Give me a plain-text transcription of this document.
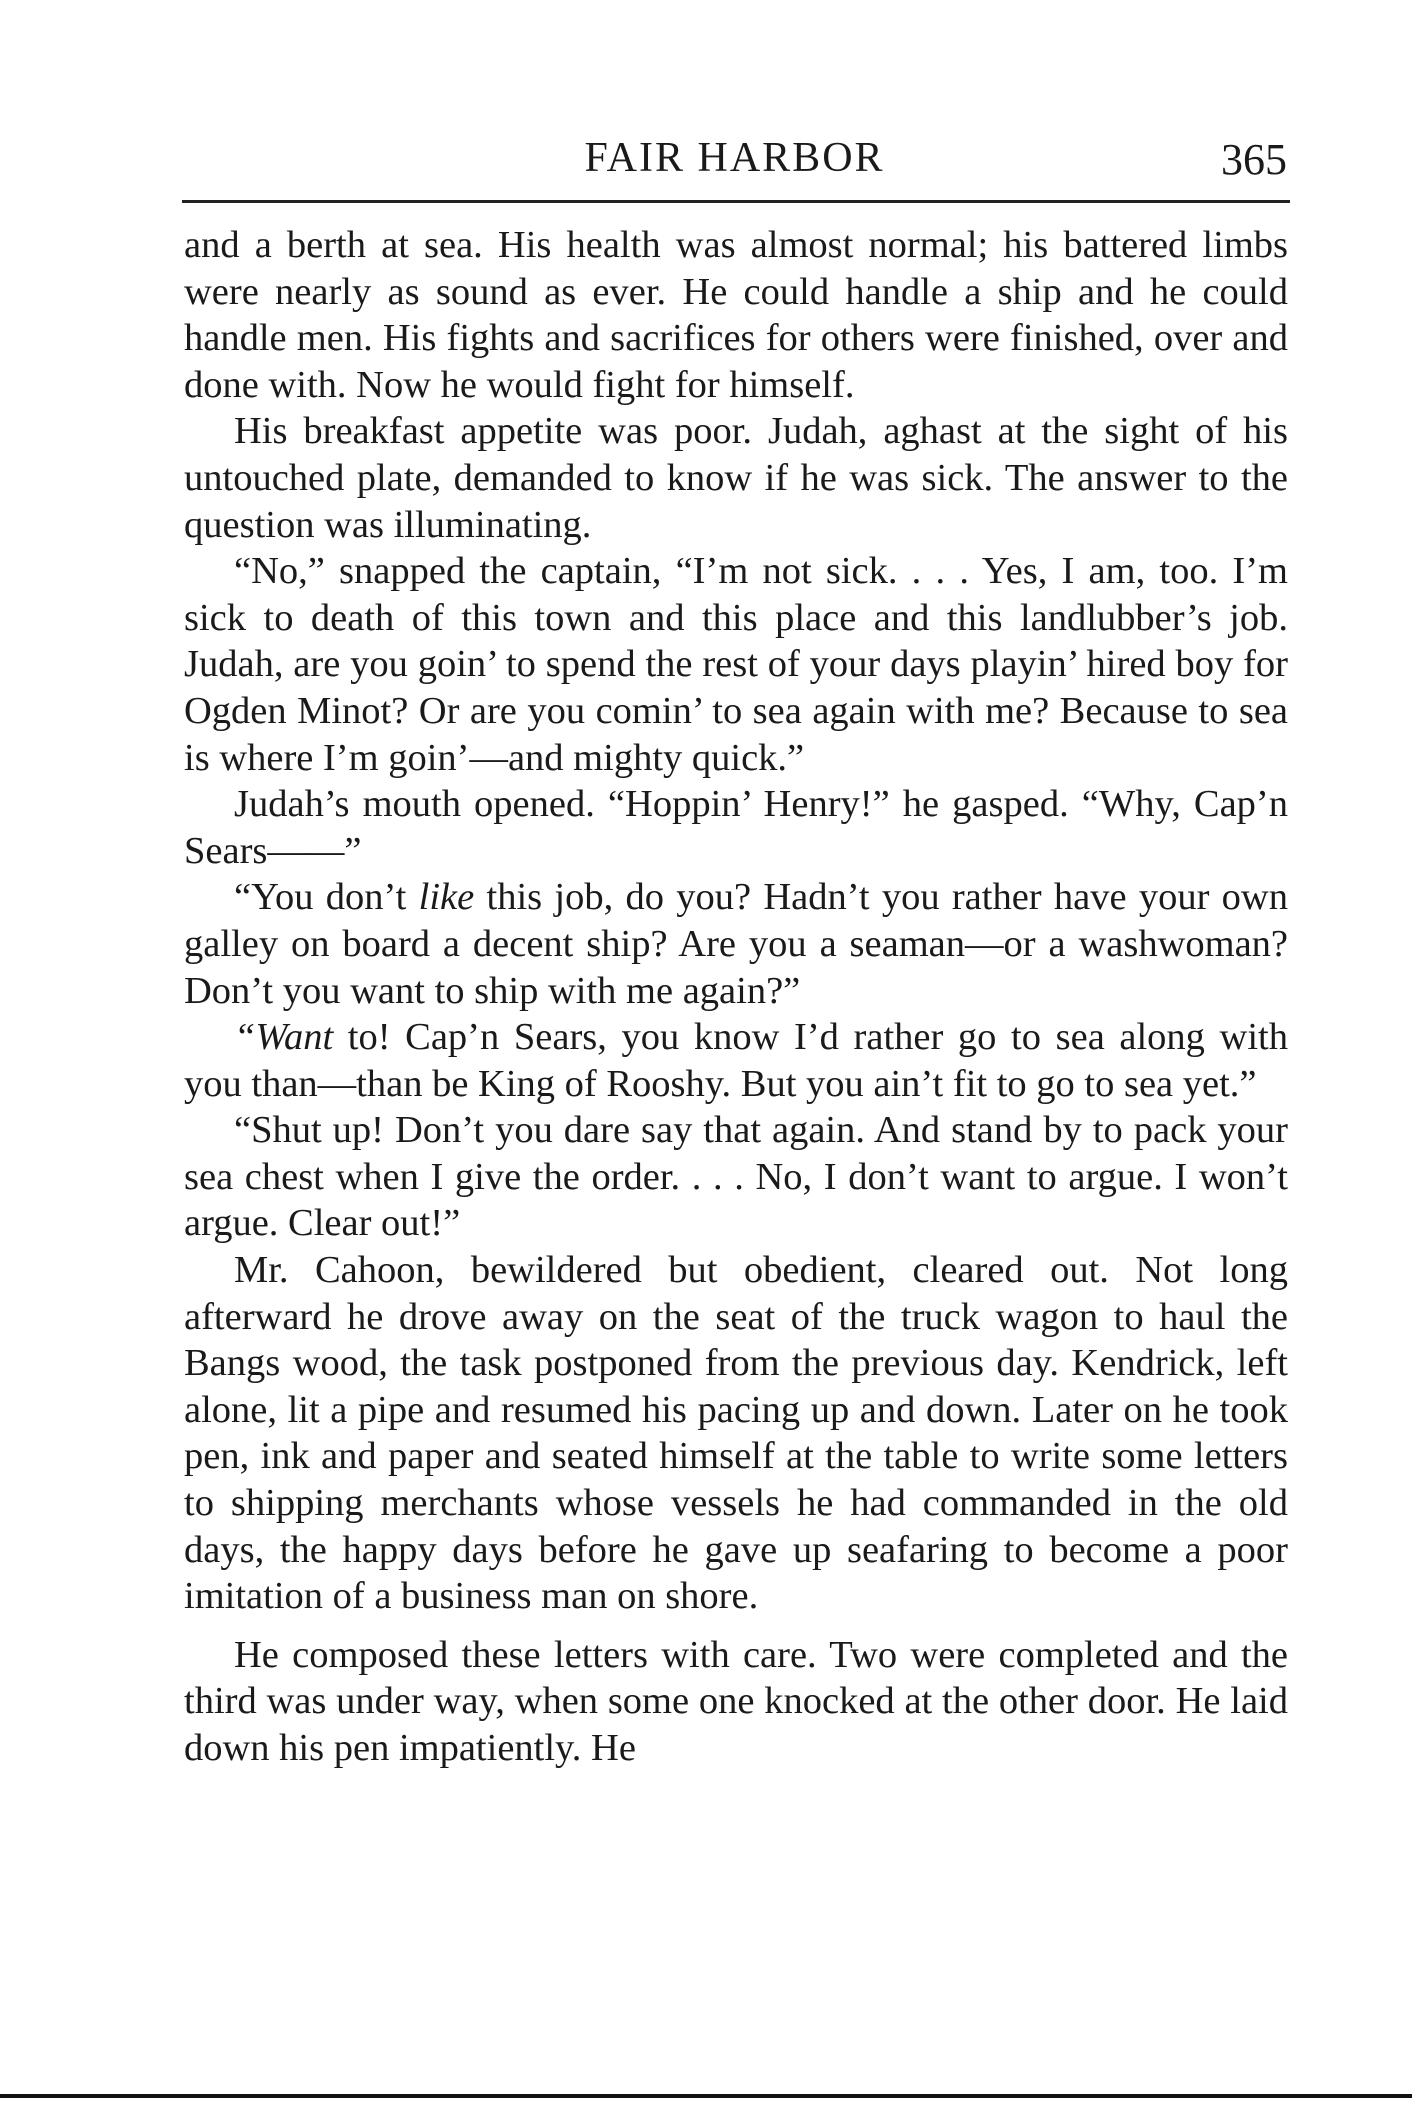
FAIR HARBOR	365

and a berth at sea. His health was almost normal; his battered limbs were nearly as sound as ever. He could handle a ship and he could handle men. His fights and sacrifices for others were finished, over and done with. Now he would fight for himself.

His breakfast appetite was poor. Judah, aghast at the sight of his untouched plate, demanded to know if he was sick. The answer to the question was illuminating.

“No,” snapped the captain, “I’m not sick. . . . Yes, I am, too. I’m sick to death of this town and this place and this landlubber’s job. Judah, are you goin’ to spend the rest of your days playin’ hired boy for Ogden Minot? Or are you comin’ to sea again with me? Because to sea is where I’m goin’—and mighty quick.”

Judah’s mouth opened. “Hoppin’ Henry!” he gasped. “Why, Cap’n Sears——”

“You don’t like this job, do you? Hadn’t you rather have your own galley on board a decent ship? Are you a seaman—or a washwoman? Don’t you want to ship with me again?”

“Want to! Cap’n Sears, you know I’d rather go to sea along with you than—than be King of Rooshy. But you ain’t fit to go to sea yet.”

“Shut up! Don’t you dare say that again. And stand by to pack your sea chest when I give the order. . . . No, I don’t want to argue. I won’t argue. Clear out!”

Mr. Cahoon, bewildered but obedient, cleared out. Not long afterward he drove away on the seat of the truck wagon to haul the Bangs wood, the task postponed from the previous day. Kendrick, left alone, lit a pipe and resumed his pacing up and down. Later on he took pen, ink and paper and seated himself at the table to write some letters to shipping merchants whose vessels he had commanded in the old days, the happy days before he gave up seafaring to become a poor imitation of a business man on shore.

He composed these letters with care. Two were completed and the third was under way, when some one knocked at the other door. He laid down his pen impatiently. He
